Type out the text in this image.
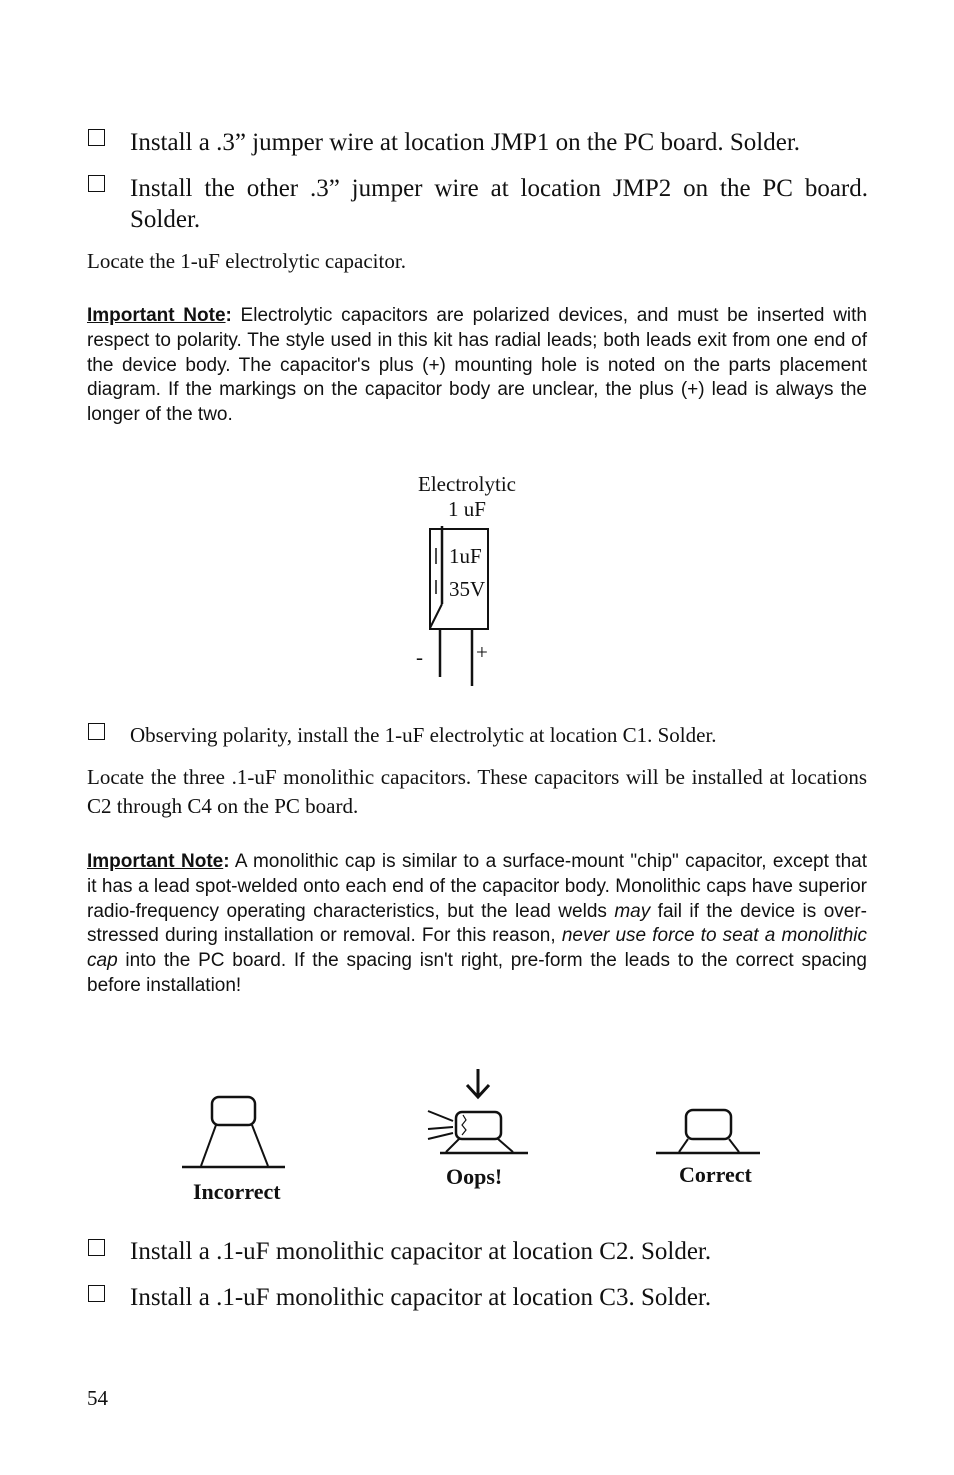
Install a .3” jumper wire at location JMP1 on the PC board. Solder.
Install the other .3” jumper wire at location JMP2 on the PC board. Solder.
Locate the 1-uF electrolytic capacitor.
Important Note: Electrolytic capacitors are polarized devices, and must be inserted with respect to polarity. The style used in this kit has radial leads; both leads exit from one end of the device body. The capacitor's plus (+) mounting hole is noted on the parts placement diagram. If the markings on the capacitor body are unclear, the plus (+) lead is always the longer of the two.
Electrolytic
1 uF
1uF
35V
-	+
Observing polarity, install the 1-uF electrolytic at location C1. Solder.
Locate the three .1-uF monolithic capacitors. These capacitors will be installed at locations C2 through C4 on the PC board.
Important Note: A monolithic cap is similar to a surface-mount "chip" capacitor, except that it has a lead spot-welded onto each end of the capacitor body. Monolithic caps have superior radio-frequency operating characteristics, but the lead welds may fail if the device is over-stressed during installation or removal. For this reason, never use force to seat a monolithic cap into the PC board. If the spacing isn't right, pre-form the leads to the correct spacing before installation!
Incorrect
Oops!	Correct
Install a .1-uF monolithic capacitor at location C2. Solder.
Install a .1-uF monolithic capacitor at location C3. Solder.
54
